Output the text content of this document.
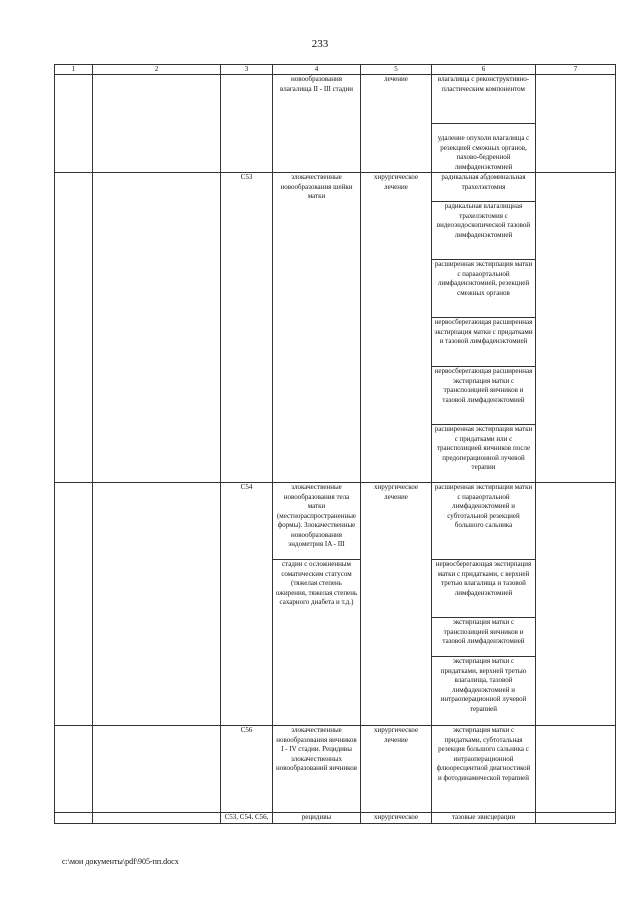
233
1	2	3	4	5	6	7
			новообразования влагалища II - III стадии	лечение	влагалища с реконструктивно-пластическим компонентом	
					удаление опухоли влагалища с резекцией смежных органов, пахово-бедренной лимфаденэктомией	
		C53	злокачественные новообразования шейки матки	хирургическое лечение	радикальная абдоминальная трахелэктомия	
					радикальная влагалищная трахелэктомия с видеоэндоскопической тазовой лимфаденэктомией	
					расширенная экстирпация матки с парааортальной лимфаденэктомией, резекцией смежных органов	
					нервосберегающая расширенная экстирпация матки с придатками и тазовой лимфаденэктомией	
					нервосберегающая расширенная экстирпация матки с транспозицией яичников и тазовой лимфаденэктомией	
					расширенная экстирпация матки с придатками или с транспозицией яичников после предоперационной лучевой терапии	
		C54	злокачественные новообразования тела матки (местнораспространенные формы). Злокачественные новообразования эндометрия IA - III	хирургическое лечение	расширенная экстирпация матки с парааортальной лимфаденэктомией и субтотальной резекцией большого сальника	
			стадии с осложненным соматическим статусом (тяжелая степень ожирения, тяжелая степень сахарного диабета и т.д.)		нервосберегающая экстирпация матки с придатками, с верхней третью влагалища и тазовой лимфаденэктомией	
					экстирпация матки с транспозицией яичников и тазовой лимфаденэктомией	
					экстирпация матки с придатками, верхней третью влагалища, тазовой лимфаденэктомией и интраоперационной лучевой терапией	
		C56	злокачественные новообразования яичников I - IV стадии. Рецидивы злокачественных новообразований яичников	хирургическое лечение	экстирпация матки с придатками, субтотальная резекция большого сальника с интраоперационной флюоресцентной диагностикой и фотодинамической терапией	
		C53, C54, C56,	рецидивы	хирургическое	тазовые эвисцерации	
c:\мои документы\pdf\905-пп.docx
